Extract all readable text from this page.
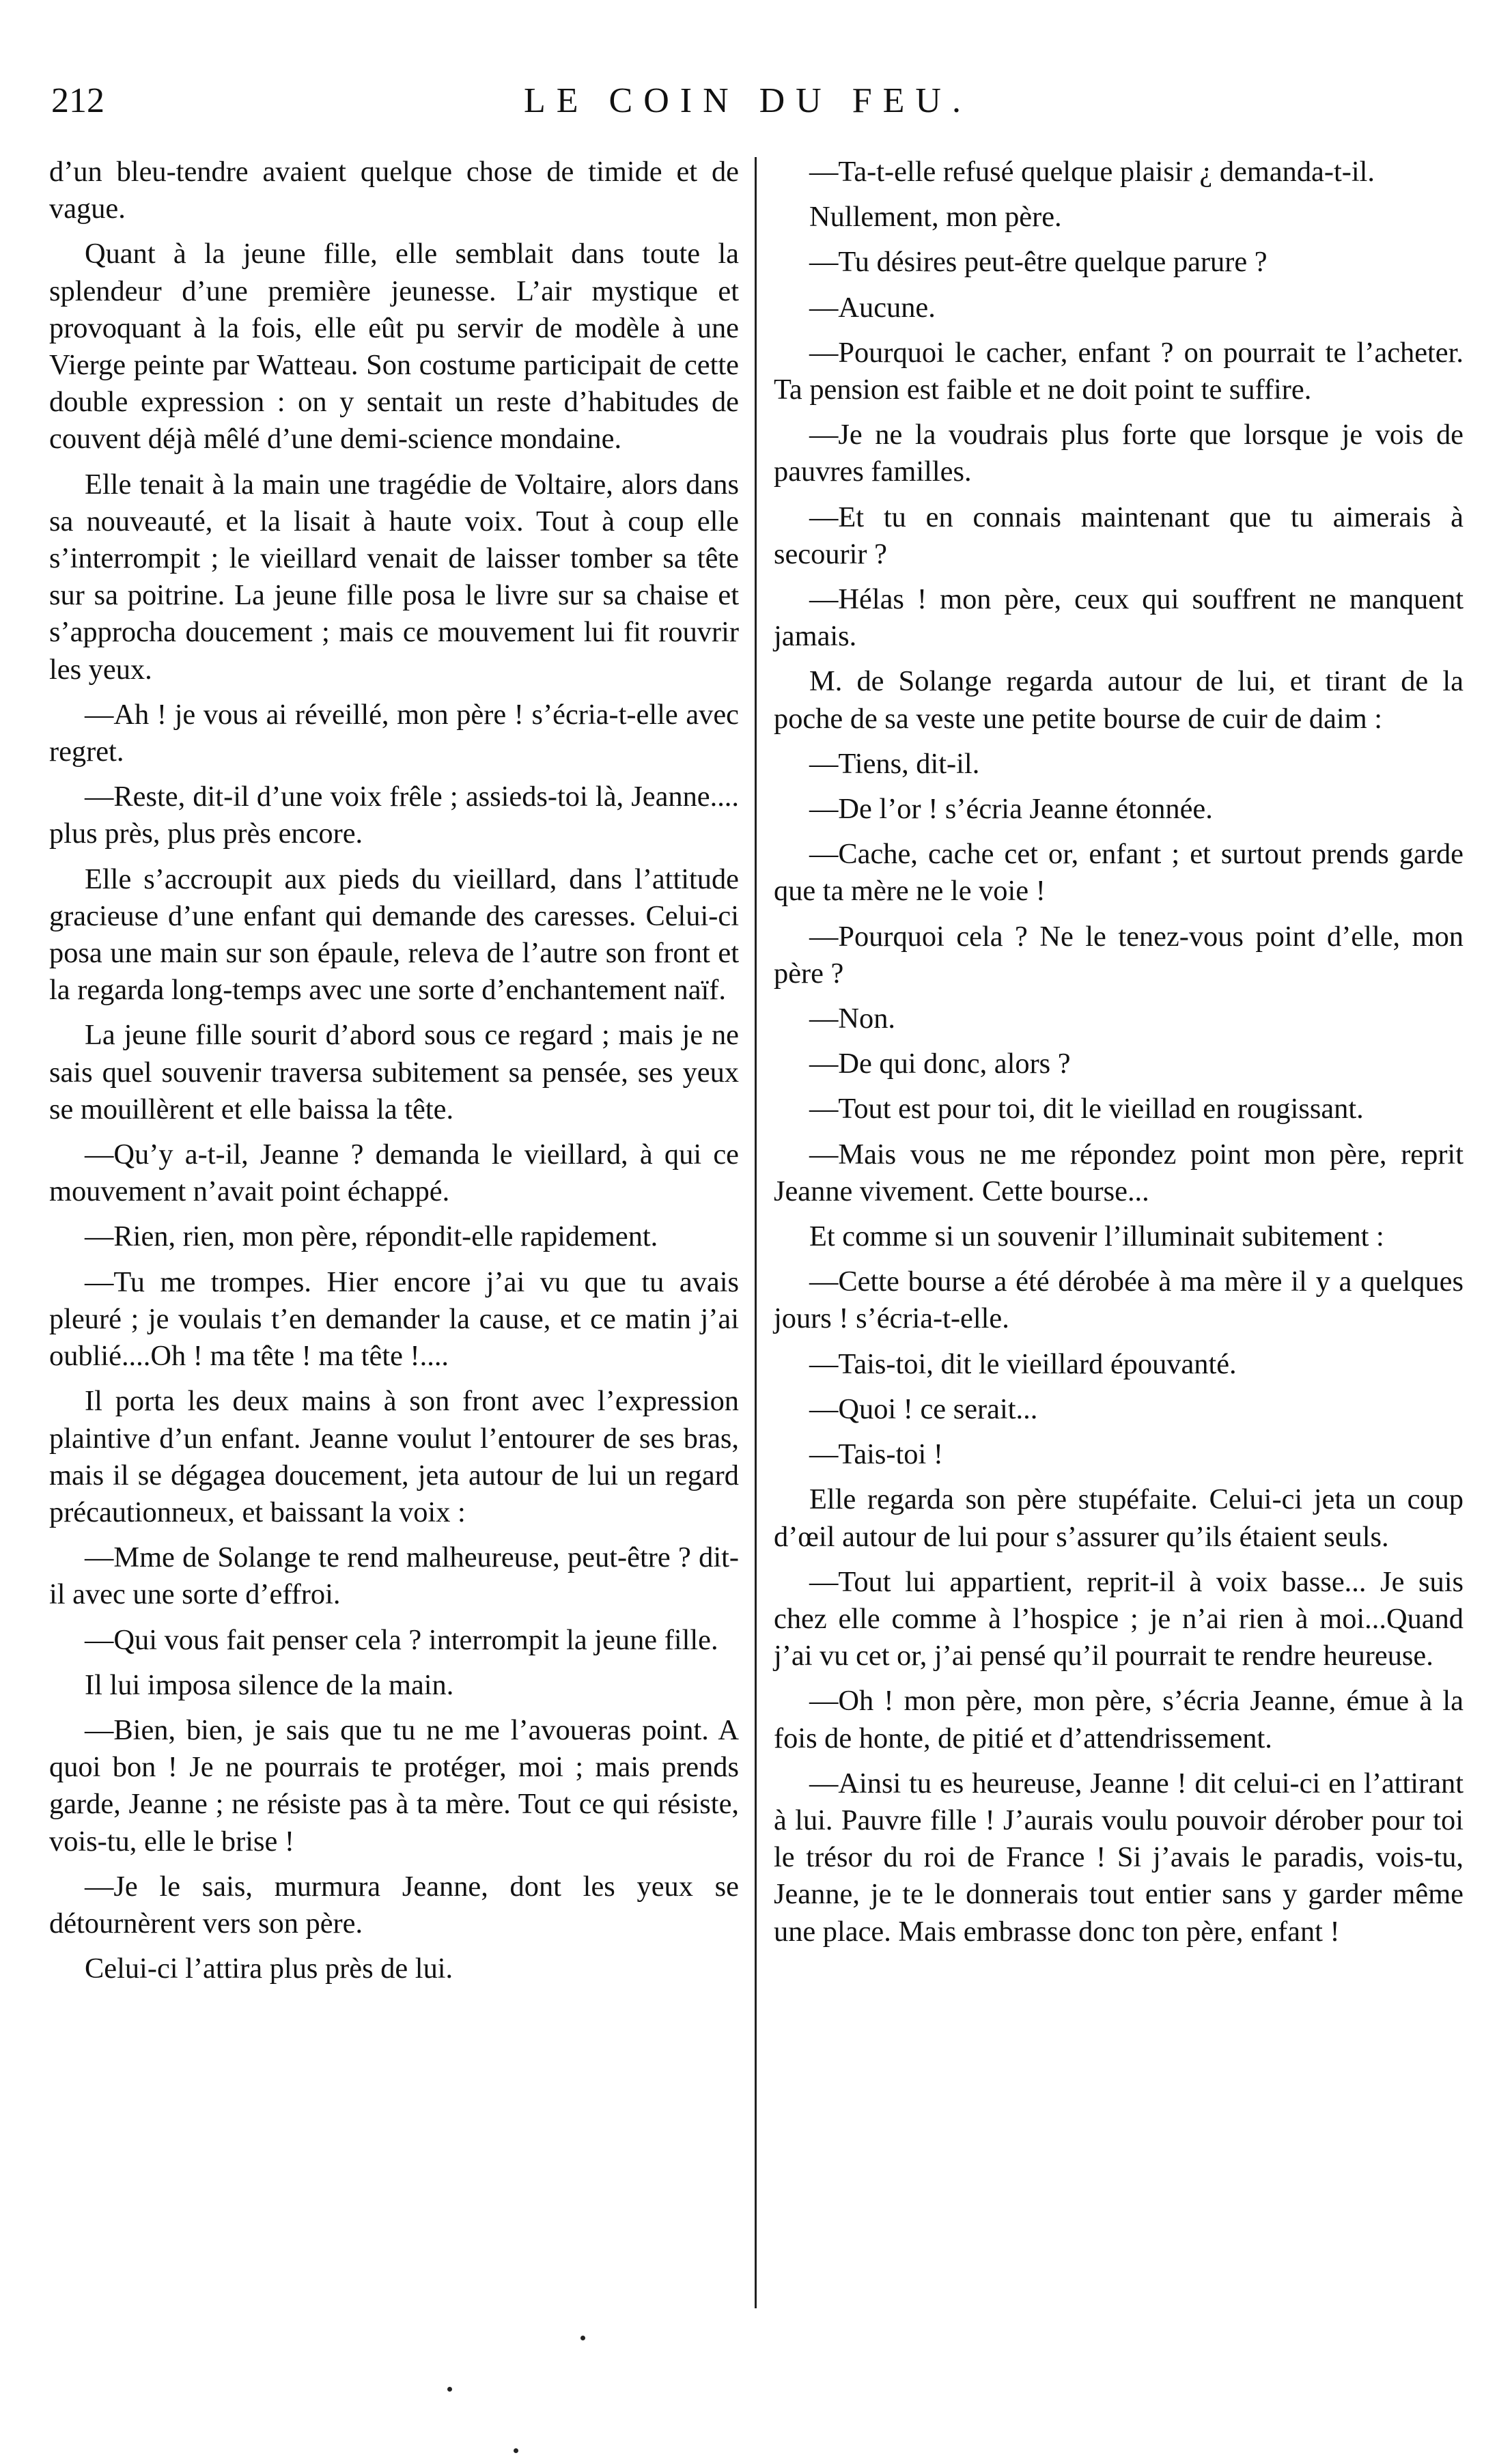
212	LE COIN DU FEU.

d’un bleu-tendre avaient quelque chose de timide et de vague.

Quant à la jeune fille, elle semblait dans toute la splendeur d’une première jeunesse. L’air mystique et provoquant à la fois, elle eût pu servir de modèle à une Vierge peinte par Watteau. Son costume participait de cette double expression : on y sentait un reste d’habitudes de couvent déjà mêlé d’une demi-science mondaine.

Elle tenait à la main une tragédie de Voltaire, alors dans sa nouveauté, et la lisait à haute voix. Tout à coup elle s’interrompit ; le vieillard venait de laisser tomber sa tête sur sa poitrine. La jeune fille posa le livre sur sa chaise et s’approcha doucement ; mais ce mouvement lui fit rouvrir les yeux.

—Ah ! je vous ai réveillé, mon père ! s’écria-t-elle avec regret.

—Reste, dit-il d’une voix frêle ; assieds-toi là, Jeanne.... plus près, plus près encore.

Elle s’accroupit aux pieds du vieillard, dans l’attitude gracieuse d’une enfant qui demande des caresses. Celui-ci posa une main sur son épaule, releva de l’autre son front et la regarda long-temps avec une sorte d’enchantement naïf.

La jeune fille sourit d’abord sous ce regard ; mais je ne sais quel souvenir traversa subitement sa pensée, ses yeux se mouillèrent et elle baissa la tête.

—Qu’y a-t-il, Jeanne ? demanda le vieillard, à qui ce mouvement n’avait point échappé.

—Rien, rien, mon père, répondit-elle rapidement.

—Tu me trompes. Hier encore j’ai vu que tu avais pleuré ; je voulais t’en demander la cause, et ce matin j’ai oublié....Oh ! ma tête ! ma tête !....

Il porta les deux mains à son front avec l’expression plaintive d’un enfant. Jeanne voulut l’entourer de ses bras, mais il se dégagea doucement, jeta autour de lui un regard précautionneux, et baissant la voix :

—Mme de Solange te rend malheureuse, peut-être ? dit-il avec une sorte d’effroi.

—Qui vous fait penser cela ? interrompit la jeune fille.

Il lui imposa silence de la main.

—Bien, bien, je sais que tu ne me l’avoueras point. A quoi bon ! Je ne pourrais te protéger, moi ; mais prends garde, Jeanne ; ne résiste pas à ta mère. Tout ce qui résiste, vois-tu, elle le brise !

—Je le sais, murmura Jeanne, dont les yeux se détournèrent vers son père.

Celui-ci l’attira plus près de lui.

—Ta-t-elle refusé quelque plaisir ¿ demanda-t-il.

Nullement, mon père.

—Tu désires peut-être quelque parure ?

—Aucune.

—Pourquoi le cacher, enfant ? on pourrait te l’acheter. Ta pension est faible et ne doit point te suffire.

—Je ne la voudrais plus forte que lorsque je vois de pauvres familles.

—Et tu en connais maintenant que tu aimerais à secourir ?

—Hélas ! mon père, ceux qui souffrent ne manquent jamais.

M. de Solange regarda autour de lui, et tirant de la poche de sa veste une petite bourse de cuir de daim :

—Tiens, dit-il.

—De l’or ! s’écria Jeanne étonnée.

—Cache, cache cet or, enfant ; et surtout prends garde que ta mère ne le voie !

—Pourquoi cela ? Ne le tenez-vous point d’elle, mon père ?

—Non.

—De qui donc, alors ?

—Tout est pour toi, dit le vieillad en rougissant.

—Mais vous ne me répondez point mon père, reprit Jeanne vivement. Cette bourse...

Et comme si un souvenir l’illuminait subitement :

—Cette bourse a été dérobée à ma mère il y a quelques jours ! s’écria-t-elle.

—Tais-toi, dit le vieillard épouvanté.

—Quoi ! ce serait...

—Tais-toi !

Elle regarda son père stupéfaite. Celui-ci jeta un coup d’œil autour de lui pour s’assurer qu’ils étaient seuls.

—Tout lui appartient, reprit-il à voix basse... Je suis chez elle comme à l’hospice ; je n’ai rien à moi...Quand j’ai vu cet or, j’ai pensé qu’il pourrait te rendre heureuse.

—Oh ! mon père, mon père, s’écria Jeanne, émue à la fois de honte, de pitié et d’attendrissement.

—Ainsi tu es heureuse, Jeanne ! dit celui-ci en l’attirant à lui. Pauvre fille ! J’aurais voulu pouvoir dérober pour toi le trésor du roi de France ! Si j’avais le paradis, vois-tu, Jeanne, je te le donnerais tout entier sans y garder même une place. Mais embrasse donc ton père, enfant !
